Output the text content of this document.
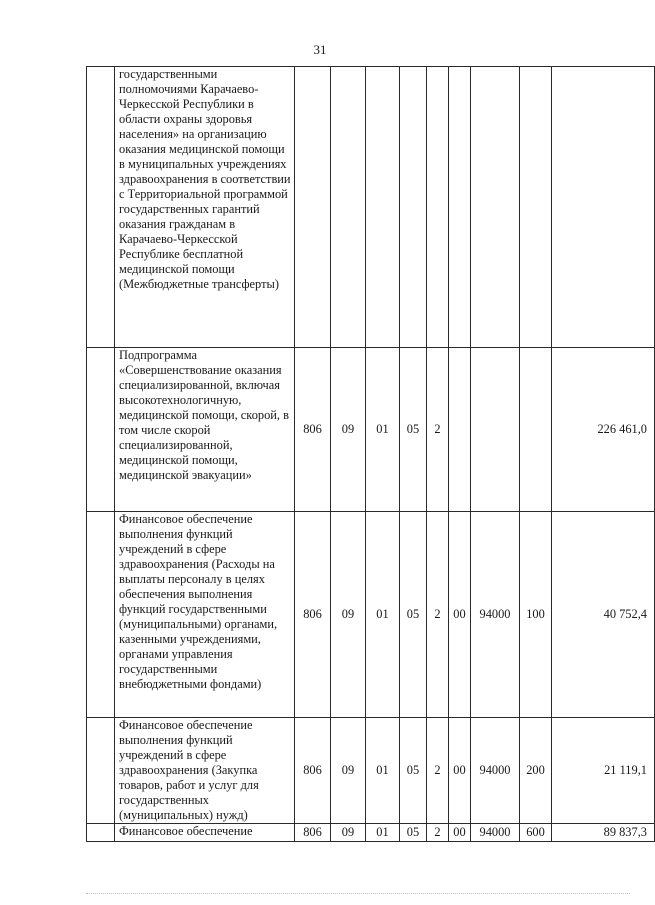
31
	государственными полномочиями Карачаево-Черкесской Республики в области охраны здоровья населения» на организацию оказания медицинской помощи в муниципальных учреждениях здравоохранения в соответствии с Территориальной программой государственных гарантий оказания гражданам в Карачаево-Черкесской Республике бесплатной медицинской помощи (Межбюджетные трансферты)									
	Подпрограмма «Совершенствование оказания специализированной, включая высокотехнологичную, медицинской помощи, скорой, в том числе скорой специализированной, медицинской помощи, медицинской эвакуации»	806	09	01	05	2				226 461,0
	Финансовое обеспечение выполнения функций учреждений в сфере здравоохранения (Расходы на выплаты персоналу в целях обеспечения выполнения функций государственными (муниципальными) органами, казенными учреждениями, органами управления государственными внебюджетными фондами)	806	09	01	05	2	00	94000	100	40 752,4
	Финансовое обеспечение выполнения функций учреждений в сфере здравоохранения (Закупка товаров, работ и услуг для государственных (муниципальных) нужд)	806	09	01	05	2	00	94000	200	21 119,1
	Финансовое обеспечение	806	09	01	05	2	00	94000	600	89 837,3
